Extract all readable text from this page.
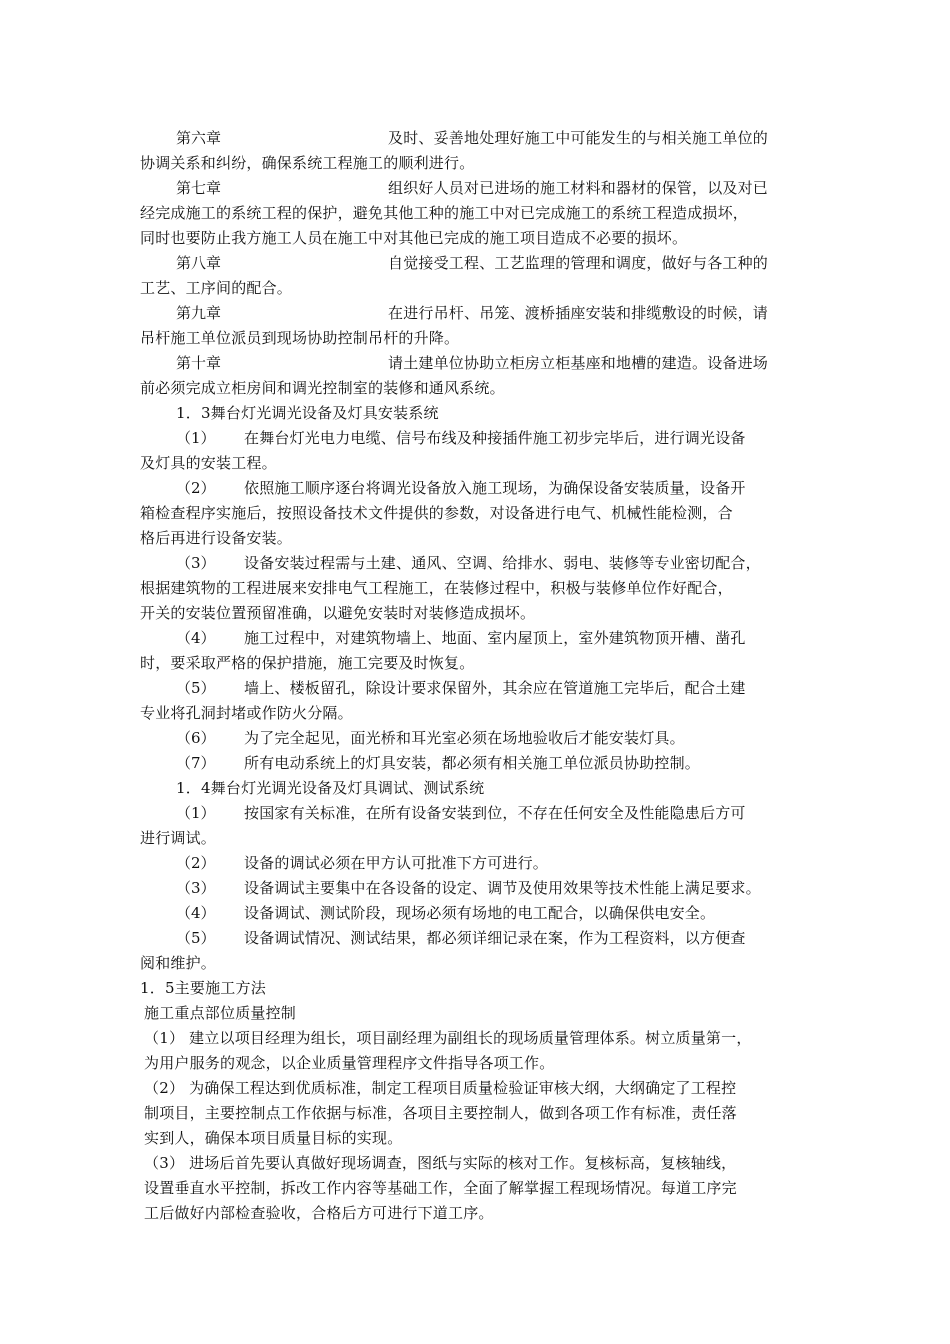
第六章	及时、妥善地处理好施工中可能发生的与相关施工单位的
协调关系和纠纷，确保系统工程施工的顺利进行。
第七章	组织好人员对已进场的施工材料和器材的保管，以及对已
经完成施工的系统工程的保护，避免其他工种的施工中对已完成施工的系统工程造成损坏，
同时也要防止我方施工人员在施工中对其他已完成的施工项目造成不必要的损坏。
第八章	自觉接受工程、工艺监理的管理和调度，做好与各工种的
工艺、工序间的配合。
第九章	在进行吊杆、吊笼、渡桥插座安装和排缆敷设的时候，请
吊杆施工单位派员到现场协助控制吊杆的升降。
第十章	请土建单位协助立柜房立柜基座和地槽的建造。设备进场
前必须完成立柜房间和调光控制室的装修和通风系统。
1．3舞台灯光调光设备及灯具安装系统
（1） 在舞台灯光电力电缆、信号布线及种接插件施工初步完毕后，进行调光设备
及灯具的安装工程。
（2） 依照施工顺序逐台将调光设备放入施工现场，为确保设备安装质量，设备开
箱检查程序实施后，按照设备技术文件提供的参数，对设备进行电气、机械性能检测，合
格后再进行设备安装。
（3） 设备安装过程需与土建、通风、空调、给排水、弱电、装修等专业密切配合，
根据建筑物的工程进展来安排电气工程施工，在装修过程中，积极与装修单位作好配合，
开关的安装位置预留准确，以避免安装时对装修造成损坏。
（4） 施工过程中，对建筑物墙上、地面、室内屋顶上，室外建筑物顶开槽、凿孔
时，要采取严格的保护措施，施工完要及时恢复。
（5） 墙上、楼板留孔，除设计要求保留外，其余应在管道施工完毕后，配合土建
专业将孔洞封堵或作防火分隔。
（6） 为了完全起见，面光桥和耳光室必须在场地验收后才能安装灯具。
（7） 所有电动系统上的灯具安装，都必须有相关施工单位派员协助控制。
1．4舞台灯光调光设备及灯具调试、测试系统
（1） 按国家有关标准，在所有设备安装到位，不存在任何安全及性能隐患后方可
进行调试。
（2） 设备的调试必须在甲方认可批准下方可进行。
（3） 设备调试主要集中在各设备的设定、调节及使用效果等技术性能上满足要求。
（4） 设备调试、测试阶段，现场必须有场地的电工配合，以确保供电安全。
（5） 设备调试情况、测试结果，都必须详细记录在案，作为工程资料，以方便查
阅和维护。
1．5主要施工方法
施工重点部位质量控制
（1） 建立以项目经理为组长，项目副经理为副组长的现场质量管理体系。树立质量第一，
为用户服务的观念，以企业质量管理程序文件指导各项工作。
（2） 为确保工程达到优质标准，制定工程项目质量检验证审核大纲，大纲确定了工程控
制项目，主要控制点工作依据与标准，各项目主要控制人，做到各项工作有标准，责任落
实到人，确保本项目质量目标的实现。
（3） 进场后首先要认真做好现场调查，图纸与实际的核对工作。复核标高，复核轴线，
设置垂直水平控制，拆改工作内容等基础工作，全面了解掌握工程现场情况。每道工序完
工后做好内部检查验收，合格后方可进行下道工序。
